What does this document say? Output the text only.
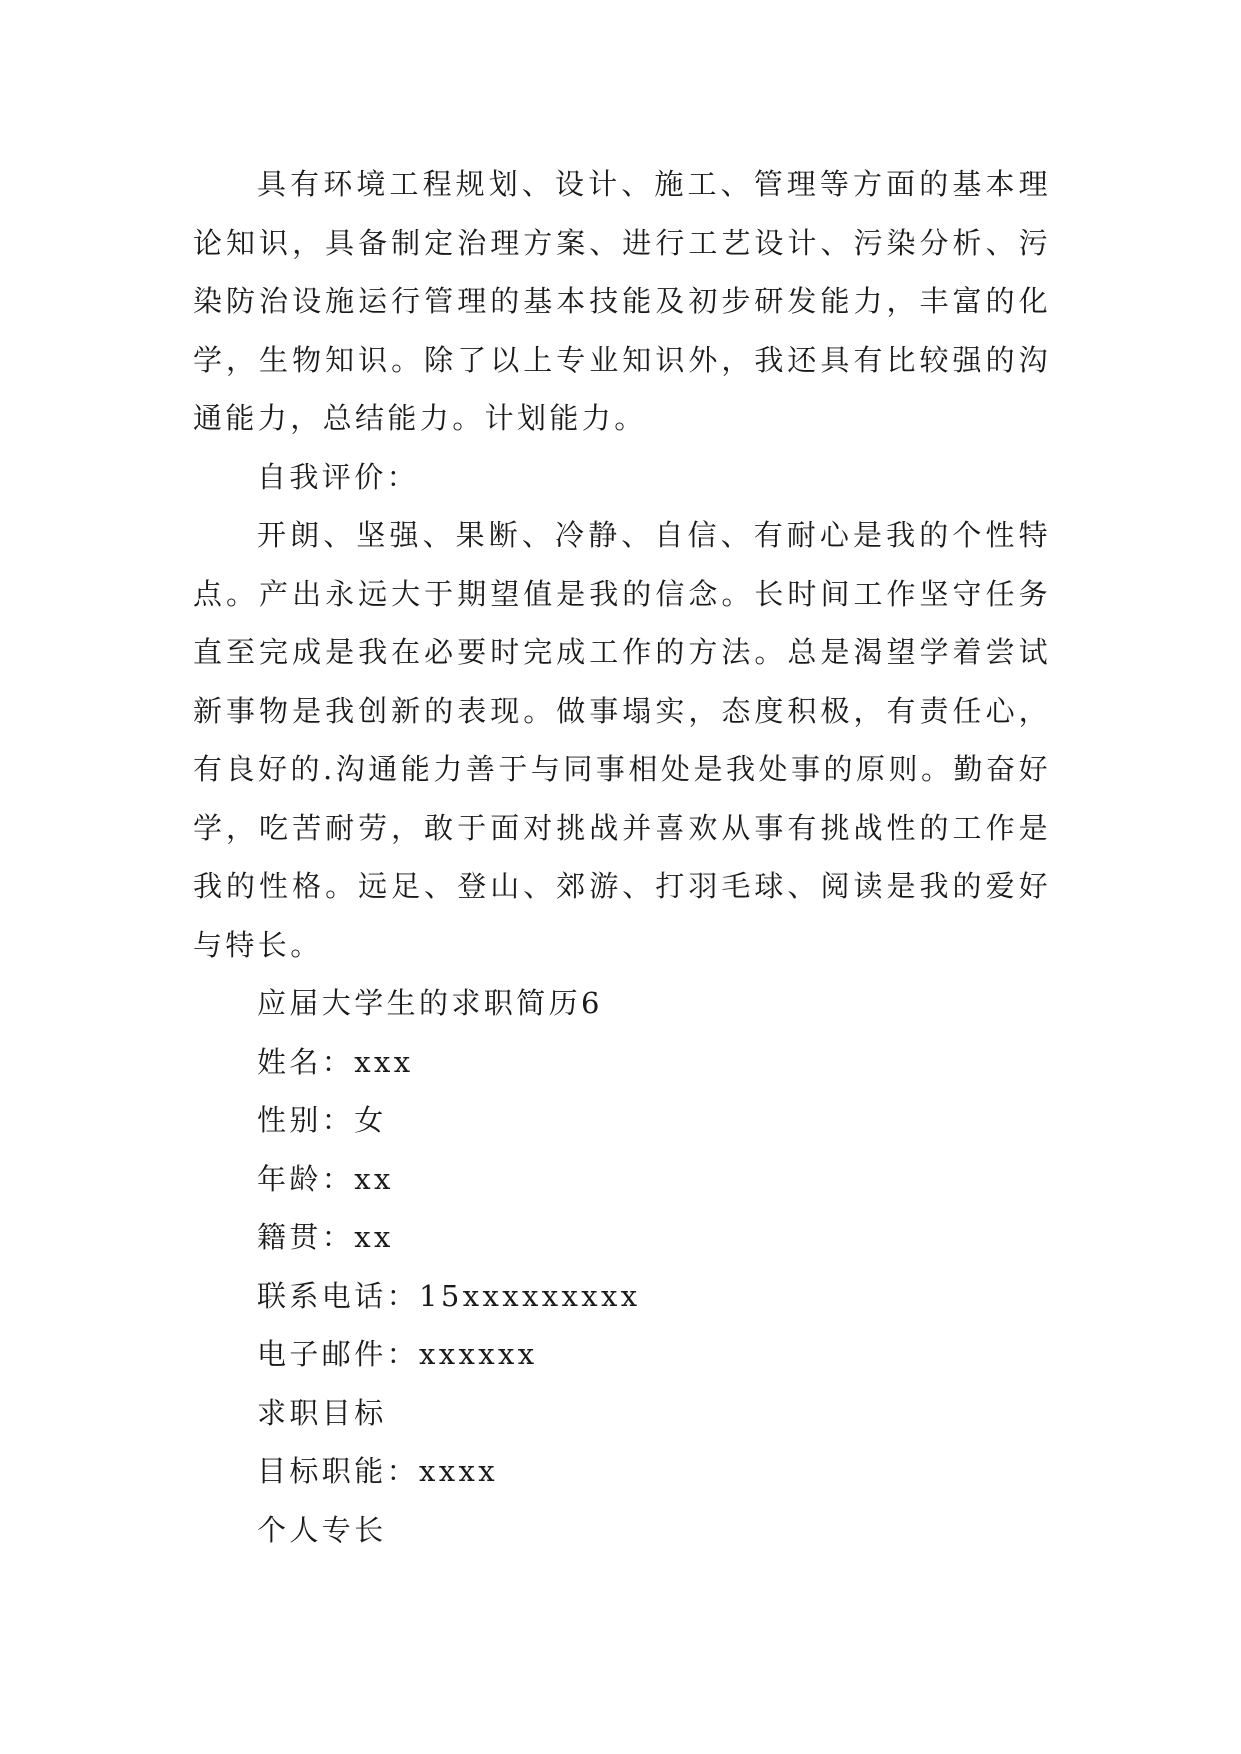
具有环境工程规划、设计、施工、管理等方面的基本理论知识，具备制定治理方案、进行工艺设计、污染分析、污染防治设施运行管理的基本技能及初步研发能力，丰富的化学，生物知识。除了以上专业知识外，我还具有比较强的沟通能力，总结能力。计划能力。

自我评价：

开朗、坚强、果断、冷静、自信、有耐心是我的个性特点。产出永远大于期望值是我的信念。长时间工作坚守任务直至完成是我在必要时完成工作的方法。总是渴望学着尝试新事物是我创新的表现。做事塌实，态度积极，有责任心，有良好的.沟通能力善于与同事相处是我处事的原则。勤奋好学，吃苦耐劳，敢于面对挑战并喜欢从事有挑战性的工作是我的性格。远足、登山、郊游、打羽毛球、阅读是我的爱好与特长。

应届大学生的求职简历6

姓名：xxx

性别：女

年龄：xx

籍贯：xx

联系电话：15xxxxxxxxx

电子邮件：xxxxxx

求职目标

目标职能：xxxx

个人专长
